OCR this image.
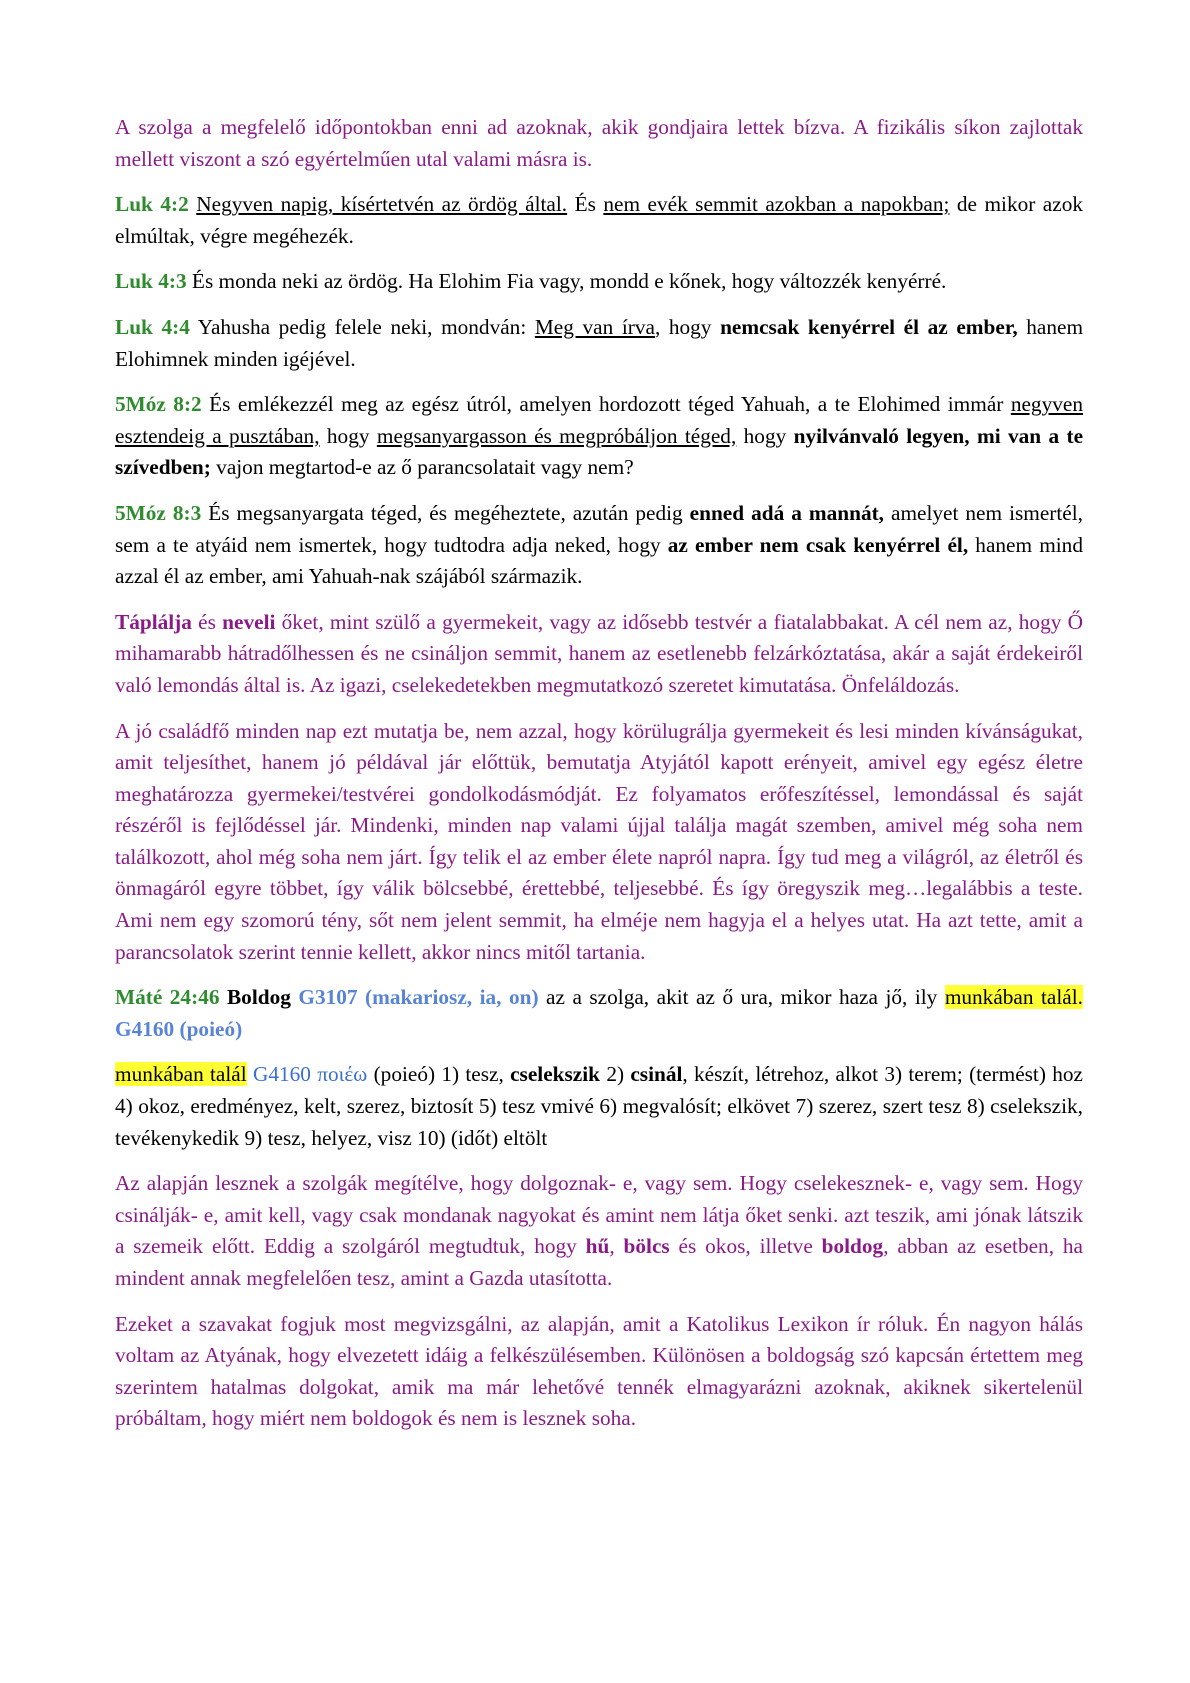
A szolga a megfelelő időpontokban enni ad azoknak, akik gondjaira lettek bízva. A fizikális síkon zajlottak mellett viszont a szó egyértelműen utal valami másra is.

Luk 4:2 Negyven napig, kísértetvén az ördög által. És nem evék semmit azokban a napokban; de mikor azok elmúltak, végre megéhezék.

Luk 4:3 És monda neki az ördög. Ha Elohim Fia vagy, mondd e kőnek, hogy változzék kenyérré.

Luk 4:4 Yahusha pedig felele neki, mondván: Meg van írva, hogy nemcsak kenyérrel él az ember, hanem Elohimnek minden igéjével.

5Móz 8:2 És emlékezzél meg az egész útról, amelyen hordozott téged Yahuah, a te Elohimed immár negyven esztendeig a pusztában, hogy megsanyargasson és megpróbáljon téged, hogy nyilvánvaló legyen, mi van a te szívedben; vajon megtartod-e az ő parancsolatait vagy nem?

5Móz 8:3 És megsanyargata téged, és megéheztete, azután pedig enned adá a mannát, amelyet nem ismertél, sem a te atyáid nem ismertek, hogy tudtodra adja neked, hogy az ember nem csak kenyérrel él, hanem mind azzal él az ember, ami Yahuah-nak szájából származik.

Táplálja és neveli őket, mint szülő a gyermekeit, vagy az idősebb testvér a fiatalabbakat. A cél nem az, hogy Ő mihamarabb hátradőlhessen és ne csináljon semmit, hanem az esetlenebb felzárkóztatása, akár a saját érdekeiről való lemondás által is. Az igazi, cselekedetekben megmutatkozó szeretet kimutatása. Önfeláldozás.

A jó családfő minden nap ezt mutatja be, nem azzal, hogy körülugrálja gyermekeit és lesi minden kívánságukat, amit teljesíthet, hanem jó példával jár előttük, bemutatja Atyjától kapott erényeit, amivel egy egész életre meghatározza gyermekei/testvérei gondolkodásmódját. Ez folyamatos erőfeszítéssel, lemondással és saját részéről is fejlődéssel jár. Mindenki, minden nap valami újjal találja magát szemben, amivel még soha nem találkozott, ahol még soha nem járt. Így telik el az ember élete napról napra. Így tud meg a világról, az életről és önmagáról egyre többet, így válik bölcsebbé, érettebbé, teljesebbé. És így öregyszik meg…legalábbis a teste. Ami nem egy szomorú tény, sőt nem jelent semmit, ha elméje nem hagyja el a helyes utat. Ha azt tette, amit a parancsolatok szerint tennie kellett, akkor nincs mitől tartania.

Máté 24:46 Boldog G3107 (makariosz, ia, on) az a szolga, akit az ő ura, mikor haza jő, ily munkában talál. G4160 (poieó)

munkában talál G4160 ποιέω (poieó) 1) tesz, cselekszik 2) csinál, készít, létrehoz, alkot 3) terem; (termést) hoz 4) okoz, eredményez, kelt, szerez, biztosít 5) tesz vmivé 6) megvalósít; elkövet 7) szerez, szert tesz 8) cselekszik, tevékenykedik 9) tesz, helyez, visz 10) (időt) eltölt

Az alapján lesznek a szolgák megítélve, hogy dolgoznak- e, vagy sem. Hogy cselekesznek- e, vagy sem. Hogy csinálják- e, amit kell, vagy csak mondanak nagyokat és amint nem látja őket senki. azt teszik, ami jónak látszik a szemeik előtt. Eddig a szolgáról megtudtuk, hogy hű, bölcs és okos, illetve boldog, abban az esetben, ha mindent annak megfelelően tesz, amint a Gazda utasította.

Ezeket a szavakat fogjuk most megvizsgálni, az alapján, amit a Katolikus Lexikon ír róluk. Én nagyon hálás voltam az Atyának, hogy elvezetett idáig a felkészülésemben. Különösen a boldogság szó kapcsán értettem meg szerintem hatalmas dolgokat, amik ma már lehetővé tennék elmagyarázni azoknak, akiknek sikertelenül próbáltam, hogy miért nem boldogok és nem is lesznek soha.
